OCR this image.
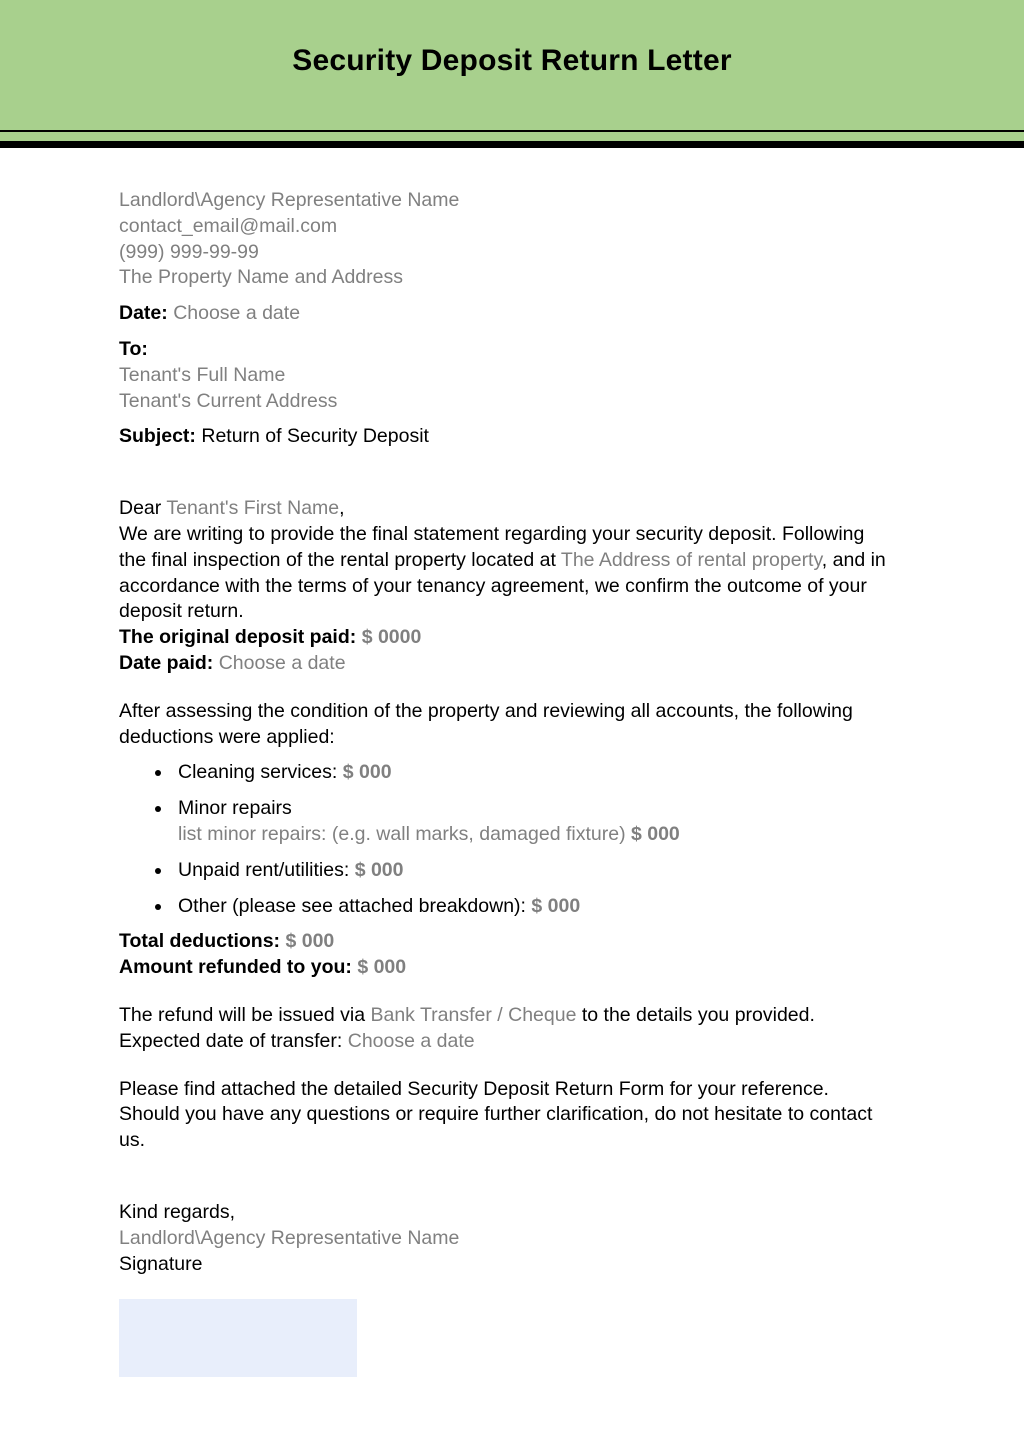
Security Deposit Return Letter
Landlord\Agency Representative Name
contact_email@mail.com
(999) 999-99-99
The Property Name and Address
Date: Choose a date
To:
Tenant's Full Name
Tenant's Current Address
Subject: Return of Security Deposit
Dear Tenant's First Name,

We are writing to provide the final statement regarding your security deposit. Following the final inspection of the rental property located at The Address of rental property, and in accordance with the terms of your tenancy agreement, we confirm the outcome of your deposit return.

The original deposit paid: $ 0000
Date paid: Choose a date

After assessing the condition of the property and reviewing all accounts, the following deductions were applied:

Cleaning services: $ 000
Minor repairs
list minor repairs: (e.g. wall marks, damaged fixture) $ 000
Unpaid rent/utilities: $ 000
Other (please see attached breakdown): $ 000
Total deductions: $ 000
Amount refunded to you: $ 000
The refund will be issued via Bank Transfer / Cheque to the details you provided.
Expected date of transfer: Choose a date

Please find attached the detailed Security Deposit Return Form for your reference. Should you have any questions or require further clarification, do not hesitate to contact us.

Kind regards,
Landlord\Agency Representative Name
Signature
